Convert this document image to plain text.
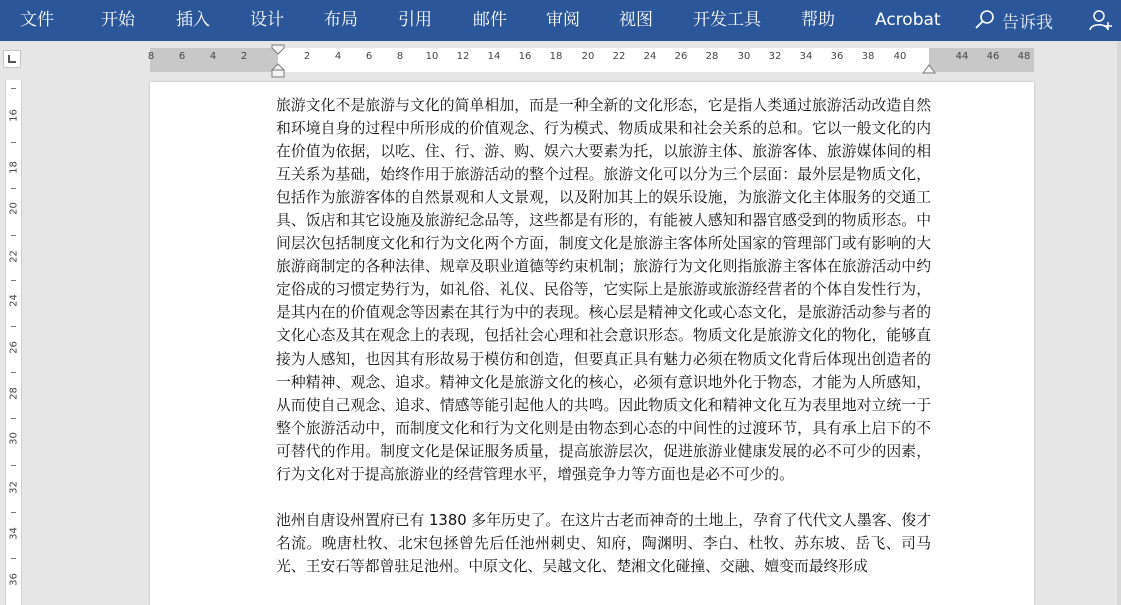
文件	开始 插入 设计 布局 引用 邮件 审阅 视图 开发工具 帮助 Acrobat	告诉我
8 6 4 2	2 4 6 8 10 12 14 16 18 20 22 24 26 28 30 32 34 36 38 40	44 46 48
16
18
20
22
24
26
28
30
32
34
36

旅游文化不是旅游与文化的简单相加，而是一种全新的文化形态，它是指人类通过旅游活动改造自然和环境自身的过程中所形成的价值观念、行为模式、物质成果和社会关系的总和。它以一般文化的内在价值为依据，以吃、住、行、游、购、娱六大要素为托，以旅游主体、旅游客体、旅游媒体间的相互关系为基础，始终作用于旅游活动的整个过程。旅游文化可以分为三个层面：最外层是物质文化，包括作为旅游客体的自然景观和人文景观，以及附加其上的娱乐设施，为旅游文化主体服务的交通工具、饭店和其它设施及旅游纪念品等，这些都是有形的，有能被人感知和器官感受到的物质形态。中间层次包括制度文化和行为文化两个方面，制度文化是旅游主客体所处国家的管理部门或有影响的大旅游商制定的各种法律、规章及职业道德等约束机制；旅游行为文化则指旅游主客体在旅游活动中约定俗成的习惯定势行为，如礼俗、礼仪、民俗等，它实际上是旅游或旅游经营者的个体自发性行为，是其内在的价值观念等因素在其行为中的表现。核心层是精神文化或心态文化，是旅游活动参与者的文化心态及其在观念上的表现，包括社会心理和社会意识形态。物质文化是旅游文化的物化，能够直接为人感知，也因其有形故易于模仿和创造，但要真正具有魅力必须在物质文化背后体现出创造者的一种精神、观念、追求。精神文化是旅游文化的核心，必须有意识地外化于物态，才能为人所感知，从而使自己观念、追求、情感等能引起他人的共鸣。因此物质文化和精神文化互为表里地对立统一于整个旅游活动中，而制度文化和行为文化则是由物态到心态的中间性的过渡环节，具有承上启下的不可替代的作用。制度文化是保证服务质量，提高旅游层次，促进旅游业健康发展的必不可少的因素，行为文化对于提高旅游业的经营管理水平，增强竞争力等方面也是必不可少的。

池州自唐设州置府已有 1380 多年历史了。在这片古老而神奇的土地上，孕育了代代文人墨客、俊才名流。晚唐杜牧、北宋包拯曾先后任池州刺史、知府，陶渊明、李白、杜牧、苏东坡、岳飞、司马光、王安石等都曾驻足池州。中原文化、吴越文化、楚湘文化碰撞、交融、嬗变而最终形成
